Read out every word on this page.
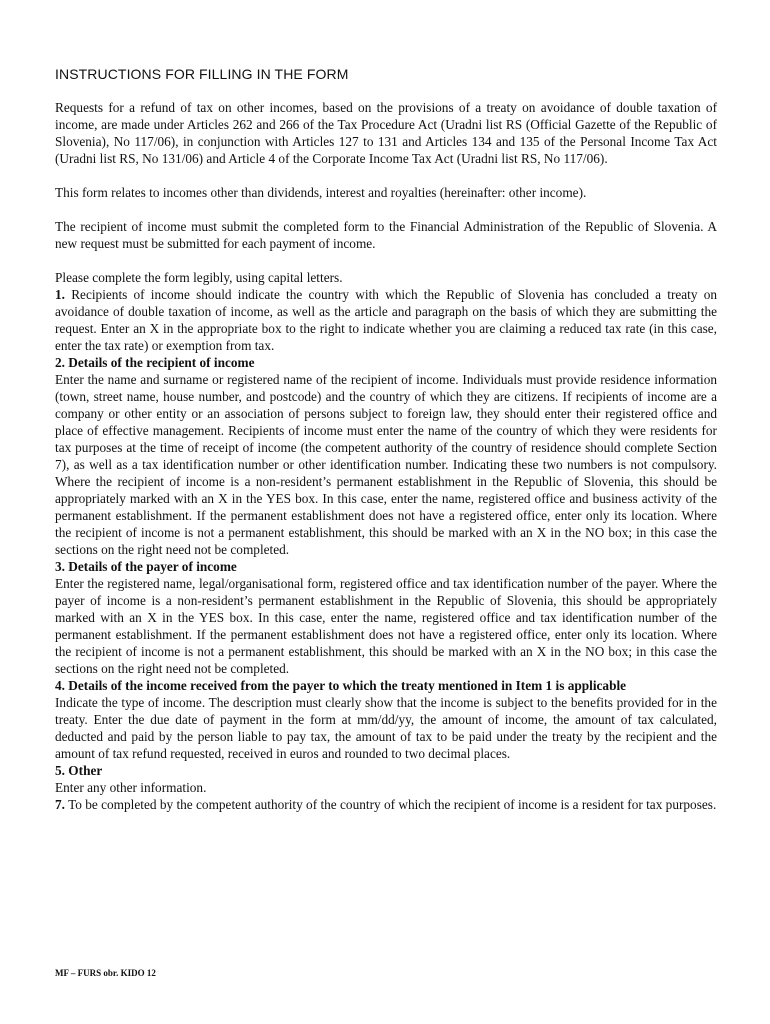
INSTRUCTIONS FOR FILLING IN THE FORM

Requests for a refund of tax on other incomes, based on the provisions of a treaty on avoidance of double taxation of income, are made under Articles 262 and 266 of the Tax Procedure Act (Uradni list RS (Official Gazette of the Republic of Slovenia), No 117/06), in conjunction with Articles 127 to 131 and Articles 134 and 135 of the Personal Income Tax Act (Uradni list RS, No 131/06) and Article 4 of the Corporate Income Tax Act (Uradni list RS, No 117/06).

This form relates to incomes other than dividends, interest and royalties (hereinafter: other income).

The recipient of income must submit the completed form to the Financial Administration of the Republic of Slovenia. A new request must be submitted for each payment of income.

Please complete the form legibly, using capital letters.

1. Recipients of income should indicate the country with which the Republic of Slovenia has concluded a treaty on avoidance of double taxation of income, as well as the article and paragraph on the basis of which they are submitting the request. Enter an X in the appropriate box to the right to indicate whether you are claiming a reduced tax rate (in this case, enter the tax rate) or exemption from tax.

2. Details of the recipient of income

Enter the name and surname or registered name of the recipient of income. Individuals must provide residence information (town, street name, house number, and postcode) and the country of which they are citizens. If recipients of income are a company or other entity or an association of persons subject to foreign law, they should enter their registered office and place of effective management. Recipients of income must enter the name of the country of which they were residents for tax purposes at the time of receipt of income (the competent authority of the country of residence should complete Section 7), as well as a tax identification number or other identification number. Indicating these two numbers is not compulsory. Where the recipient of income is a non-resident’s permanent establishment in the Republic of Slovenia, this should be appropriately marked with an X in the YES box. In this case, enter the name, registered office and business activity of the permanent establishment. If the permanent establishment does not have a registered office, enter only its location. Where the recipient of income is not a permanent establishment, this should be marked with an X in the NO box; in this case the sections on the right need not be completed.

3. Details of the payer of income

Enter the registered name, legal/organisational form, registered office and tax identification number of the payer. Where the payer of income is a non-resident’s permanent establishment in the Republic of Slovenia, this should be appropriately marked with an X in the YES box. In this case, enter the name, registered office and tax identification number of the permanent establishment. If the permanent establishment does not have a registered office, enter only its location. Where the recipient of income is not a permanent establishment, this should be marked with an X in the NO box; in this case the sections on the right need not be completed.

4. Details of the income received from the payer to which the treaty mentioned in Item 1 is applicable

Indicate the type of income. The description must clearly show that the income is subject to the benefits provided for in the treaty. Enter the due date of payment in the form at mm/dd/yy, the amount of income, the amount of tax calculated, deducted and paid by the person liable to pay tax, the amount of tax to be paid under the treaty by the recipient and the amount of tax refund requested, received in euros and rounded to two decimal places.

5. Other

Enter any other information.

7. To be completed by the competent authority of the country of which the recipient of income is a resident for tax purposes.

MF – FURS obr. KIDO 12
